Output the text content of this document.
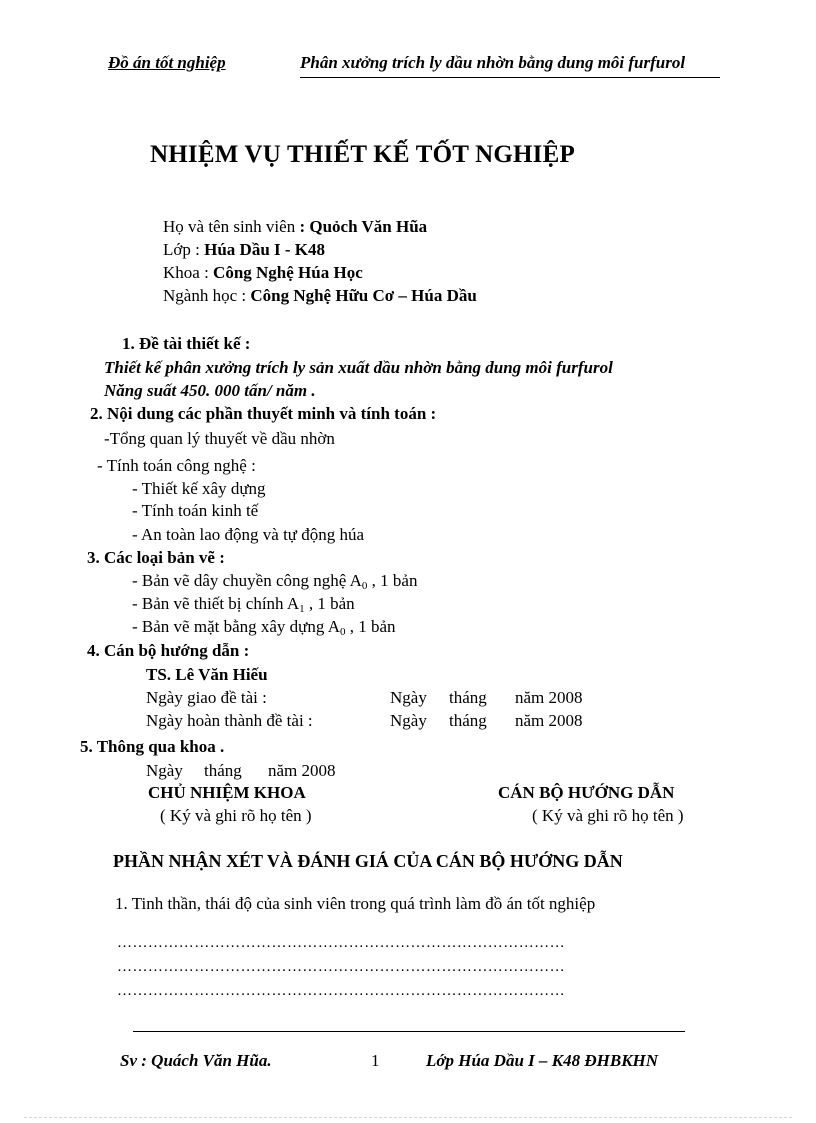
Đồ án tốt nghiệp	Phân xưởng trích ly dầu nhờn bằng dung môi furfurol
NHIỆM VỤ THIẾT KẾ TỐT NGHIỆP
Họ và tên sinh viên : Quỏch Văn Hũa
Lớp : Húa Dầu I - K48
Khoa : Công Nghệ Húa Học
Ngành học : Công Nghệ Hữu Cơ – Húa Dầu
1. Đề tài thiết kế :
Thiết kế phân xưởng trích ly sản xuất dầu nhờn bằng dung môi furfurol
Năng suất 450. 000 tấn/ năm .
2. Nội dung các phần thuyết minh và tính toán :
-Tổng quan lý thuyết về dầu nhờn
- Tính toán công nghệ :
- Thiết kế xây dựng
- Tính toán kinh tế
- An toàn lao động và tự động húa
3. Các loại bản vẽ :
- Bản vẽ dây chuyền công nghệ $A_0$ , 1 bản
- Bản vẽ thiết bị chính $A_1$ , 1 bản
- Bản vẽ mặt bằng xây dựng $A_0$ , 1 bản
4. Cán bộ hướng dẫn :
TS. Lê Văn Hiếu
Ngày giao đề tài :	Ngày tháng năm 2008
Ngày hoàn thành đề tài :	Ngày tháng năm 2008
5. Thông qua khoa .
Ngày tháng năm 2008
CHỦ NHIỆM KHOA	CÁN BỘ HƯỚNG DẪN
( Ký và ghi rõ họ tên )	( Ký và ghi rõ họ tên )
PHẦN NHẬN XÉT VÀ ĐÁNH GIÁ CỦA CÁN BỘ HƯỚNG DẪN
1. Tinh thần, thái độ của sinh viên trong quá trình làm đồ án tốt nghiệp
……………………………………………………………………………
……………………………………………………………………………
……………………………………………………………………………
Sv : Quách Văn Hũa.	1	Lớp Húa Dầu I – K48 ĐHBKHN
